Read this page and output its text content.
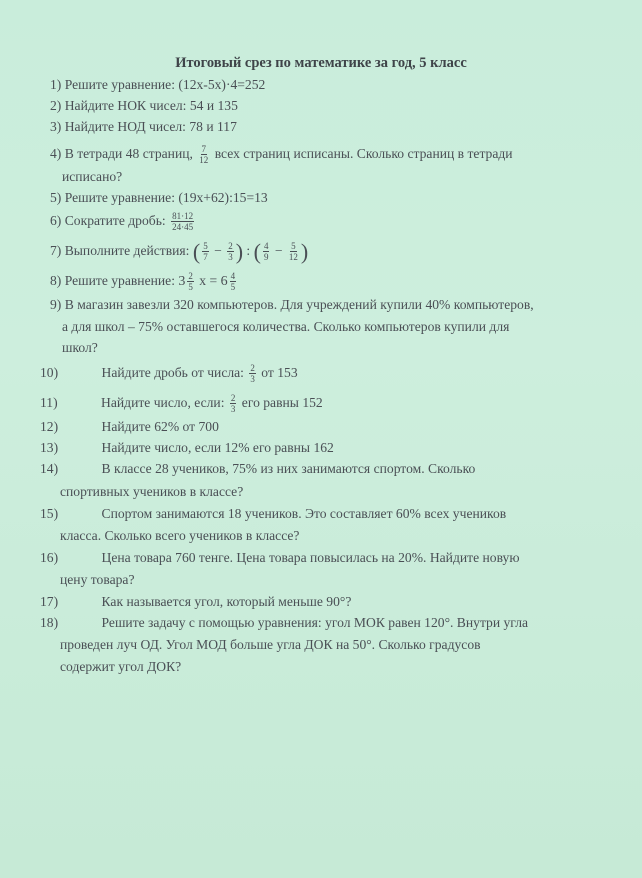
Итоговый срез по математике за год, 5 класс
1) Решите уравнение: (12x-5x)·4=252
2) Найдите НОК чисел: 54 и 135
3) Найдите НОД чисел: 78 и 117
4) В тетради 48 страниц, $\frac{7}{12}$ всех страниц исписаны. Сколько страниц в тетради
исписано?
5) Решите уравнение: (19x+62):15=13
6) Сократите дробь: $\frac{81\cdot 12}{24\cdot 45}$
7) Выполните действия: ( $\frac{5}{7} - \frac{2}{3}$ ) : ( $\frac{4}{9} - \frac{5}{12}$ )
8) Решите уравнение: $3 \frac{2}{5}$ $x = 6 \frac{4}{5}$
9) В магазин завезли 320 компьютеров. Для учреждений купили 40% компьютеров,
а для школ – 75% оставшегося количества. Сколько компьютеров купили для
школ?
10)	Найдите дробь от числа: $\frac{2}{3}$ от 153
11)	Найдите число, если: $\frac{2}{3}$ его равны 152
12)	Найдите 62% от 700
13)	Найдите число, если 12% его равны 162
14)	В классе 28 учеников, 75% из них занимаются спортом. Сколько
спортивных учеников в классе?
15)	Спортом занимаются 18 учеников. Это составляет 60% всех учеников
класса. Сколько всего учеников в классе?
16)	Цена товара 760 тенге. Цена товара повысилась на 20%. Найдите новую
цену товара?
17)	Как называется угол, который меньше 90°?
18)	Решите задачу с помощью уравнения: угол МОК равен 120°. Внутри угла
проведен луч ОД. Угол МОД больше угла ДОК на 50°. Сколько градусов
содержит угол ДОК?
